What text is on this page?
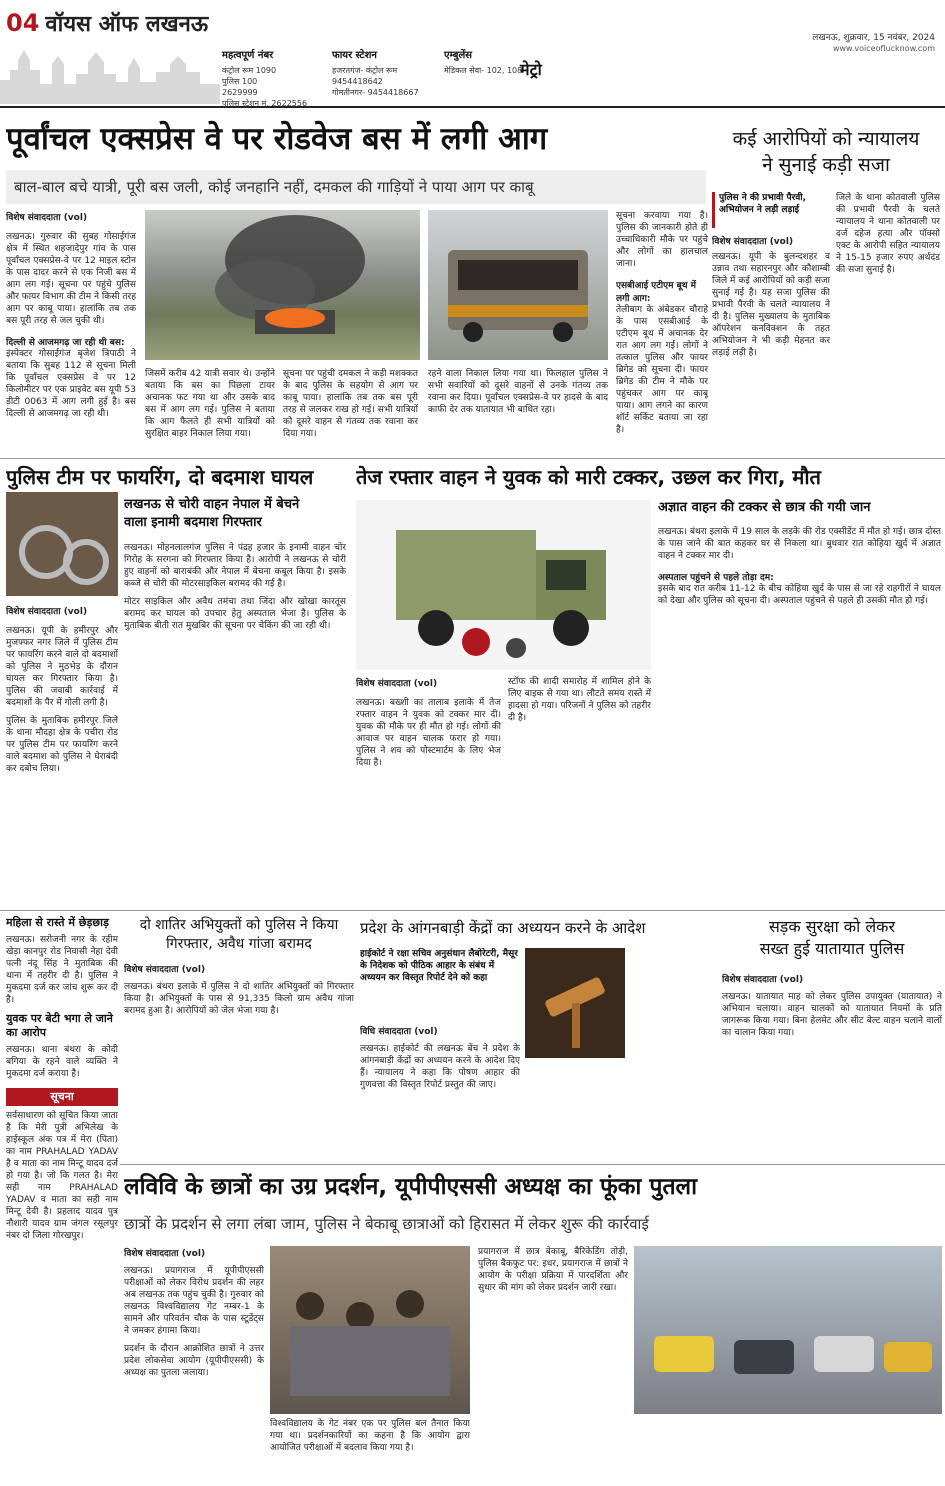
04 वॉयस ऑफ लखनऊ
महत्वपूर्ण नंबर
कंट्रोल रूम 1090
पुलिस 100
2629999
पुलिस स्टेशन मं. 2622556
फायर स्टेशन
हजरतगंज- कंट्रोल रूम
9454418642
गोमतीनगर- 9454418667
एम्बुलेंस
मेडिकल सेवा- 102, 108
मेट्रो
लखनऊ, शुक्रवार, 15 नवंबर, 2024
www.voiceoflucknow.com
पूर्वांचल एक्सप्रेस वे पर रोडवेज बस में लगी आग
बाल-बाल बचे यात्री, पूरी बस जली, कोई जनहानि नहीं, दमकल की गाड़ियों ने पाया आग पर काबू
विशेष संवाददाता (vol)
लखनऊ। गुरुवार की सुबह गोसाईगंज क्षेत्र में स्थित शहजादेपुर गांव के पास पूर्वांचल एक्सप्रेस-वे पर 12 माइल स्टोन के पास दादर करने से एक निजी बस में आग लग गई। सूचना पर पहुंचे पुलिस और फायर विभाग की टीम ने किसी तरह आग पर काबू पाया। हालांकि तब तक बस पूरी तरह से जल चुकी थी।
दिल्ली से आजमगढ़ जा रही थी बस:
इंस्पेक्टर गोसाईगंज बृजेश त्रिपाठी ने बताया कि सुबह 112 से सूचना मिली कि पूर्वांचल एक्सप्रेस वे पर 12 किलोमीटर पर एक प्राइवेट बस यूपी 53 डीटी 0063 में आग लगी हुई है। बस दिल्ली से आजमगढ़ जा रही थी।
सूचना करवाया गया है। पुलिस की जानकारी होते ही उच्चाधिकारी मौके पर पहुंचे और लोगों का हालचाल जाना।
एसबीआई एटीएम बूथ में लगी आग:
तेलीबाग के अंबेडकर चौराहे के पास एसबीआई के एटीएम बूथ में अचानक देर रात आग लग गई। लोगों ने तत्काल पुलिस और फायर ब्रिगेड को सूचना दी। फायर ब्रिगेड की टीम ने मौके पर पहुंचकर आग पर काबू पाया। आग लगने का कारण शॉर्ट सर्किट बताया जा रहा है।
जिसमें करीब 42 यात्री सवार थे। उन्होंने बताया कि बस का पिछला टायर अचानक फट गया था और उसके बाद बस में आग लग गई। पुलिस ने बताया कि आग फैलते ही सभी यात्रियों को सुरक्षित बाहर निकाल लिया गया।
सूचना पर पहुंची दमकल ने कड़ी मशक्कत के बाद पुलिस के सहयोग से आग पर काबू पाया। हालांकि तब तक बस पूरी तरह से जलकर राख हो गई। सभी यात्रियों को दूसरे वाहन से गंतव्य तक रवाना कर दिया गया।
रहने वाला निकाल लिया गया था। फिलहाल पुलिस ने सभी सवारियों को दूसरे वाहनों से उनके गंतव्य तक रवाना कर दिया। पूर्वांचल एक्सप्रेस-वे पर हादसे के बाद काफी देर तक यातायात भी बाधित रहा।
कई आरोपियों को न्यायालय
ने सुनाई कड़ी सजा
पुलिस ने की प्रभावी पैरवी, अभियोजन ने लड़ी लड़ाई
विशेष संवाददाता (vol)
लखनऊ। यूपी के बुलन्दशहर व उन्नाव तथा सहारनपुर और कौशाम्बी जिले में कई आरोपियों को कड़ी सजा सुनाई गई है। यह सजा पुलिस की प्रभावी पैरवी के चलते न्यायालय ने दी है। पुलिस मुख्यालय के मुताबिक ऑपरेशन कनविक्शन के तहत अभियोजन ने भी कड़ी मेहनत कर लड़ाई लड़ी है।
जिले के थाना कोतवाली पुलिस की प्रभावी पैरवी के चलते न्यायालय ने थाना कोतवाली पर दर्ज दहेज हत्या और पॉक्सो एक्ट के आरोपी सहित न्यायालय ने 15-15 हजार रुपए अर्थदंड की सजा सुनाई है।
पुलिस टीम पर फायरिंग, दो बदमाश घायल
विशेष संवाददाता (vol)
लखनऊ। यूपी के हमीरपुर और मुजफ्फर नगर जिले में पुलिस टीम पर फायरिंग करने वाले दो बदमाशों को पुलिस ने मुठभेड़ के दौरान घायल कर गिरफ्तार किया है। पुलिस की जवाबी कार्रवाई में बदमाशों के पैर में गोली लगी है।
पुलिस के मुताबिक हमीरपुर जिले के थाना मौदहा क्षेत्र के पचीरा रोड पर पुलिस टीम पर फायरिंग करने वाले बदमाश को पुलिस ने घेराबंदी कर दबोच लिया।
लखनऊ से चोरी वाहन नेपाल में बेचने
वाला इनामी बदमाश गिरफ्तार
लखनऊ। मोहनलालगंज पुलिस ने पंद्रह हजार के इनामी वाहन चोर गिरोह के सरगना को गिरफ्तार किया है। आरोपी ने लखनऊ से चोरी हुए वाहनों को बाराबंकी और नेपाल में बेचना कबूल किया है। इसके कब्जे से चोरी की मोटरसाइकिल बरामद की गई है।
मोटर साइकिल और अवैध तमंचा तथा जिंदा और खोखा कारतूस बरामद कर घायल को उपचार हेतु अस्पताल भेजा है। पुलिस के मुताबिक बीती रात मुखबिर की सूचना पर चेकिंग की जा रही थी।
तेज रफ्तार वाहन ने युवक को मारी टक्कर, उछल कर गिरा, मौत
विशेष संवाददाता (vol)
लखनऊ। बख्शी का तालाब इलाके में तेज रफ्तार वाहन ने युवक को टक्कर मार दी। युवक की मौके पर ही मौत हो गई। लोगों की आवाज पर वाहन चालक फरार हो गया। पुलिस ने शव को पोस्टमार्टम के लिए भेज दिया है।
स्टॉफ की शादी समारोह में शामिल होने के लिए बाइक से गया था। लौटते समय रास्ते में हादसा हो गया। परिजनों ने पुलिस को तहरीर दी है।
अज्ञात वाहन की टक्कर से छात्र की गयी जान
लखनऊ। बंथरा इलाके में 19 साल के लड़के की रोड एक्सीडेंट में मौत हो गई। छात्र दोस्त के पास जाने की बात कहकर घर से निकला था। बुधवार रात कोहिया खुर्द में अज्ञात वाहन ने टक्कर मार दी।
अस्पताल पहुंचने से पहले तोड़ा दम:
इसके बाद रात करीब 11-12 के बीच कोहिया खुर्द के पास से जा रहे राहगीरों ने घायल को देखा और पुलिस को सूचना दी। अस्पताल पहुंचने से पहले ही उसकी मौत हो गई।
महिला से रास्ते में छेड़छाड़
लखनऊ। सरोजनी नगर के रहीम खेड़ा कानपुर रोड निवासी नेहा देवी पत्नी नंदू सिंह ने मुताबिक की थाना में तहरीर दी है। पुलिस ने मुकदमा दर्ज कर जांच शुरू कर दी है।
युवक पर बेटी भगा ले जाने का आरोप
लखनऊ। थाना बंथरा के कोदी बगिया के रहने वाले व्यक्ति ने मुकदमा दर्ज कराया है।
सूचना
सर्वसाधारण को सूचित किया जाता है कि मेरी पुत्री अभिलेख के हाईस्कूल अंक पत्र में मेरा (पिता) का नाम PRAHALAD YADAV है व माता का नाम मिन्टू यादव दर्ज हो गया है। जो कि गलत है। मेरा सही नाम PRAHALAD YADAV व माता का सही नाम मिन्टू देवी है। प्रहलाद यादव पुत्र नौशारी यादव ग्राम जंगल रसूलपुर नंबर दो जिला गोरखपुर।
दो शातिर अभियुक्तों को पुलिस ने किया
गिरफ्तार, अवैध गांजा बरामद
विशेष संवाददाता (vol)
लखनऊ। बंथरा इलाके में पुलिस ने दो शातिर अभियुक्तों को गिरफ्तार किया है। अभियुक्तों के पास से 91,335 किलो ग्राम अवैध गांजा बरामद हुआ है। आरोपियों को जेल भेजा गया है।
प्रदेश के आंगनबाड़ी केंद्रों का अध्ययन करने के आदेश
हाईकोर्ट ने रक्षा सचिव अनुसंधान लैबोरेटरी, मैसूर के निदेशक को पीठिक आहार के संबंध में अध्ययन कर विस्तृत रिपोर्ट देने को कहा
विधि संवाददाता (vol)
लखनऊ। हाईकोर्ट की लखनऊ बेंच ने प्रदेश के आंगनबाड़ी केंद्रों का अध्ययन करने के आदेश दिए हैं। न्यायालय ने कहा कि पोषण आहार की गुणवत्ता की विस्तृत रिपोर्ट प्रस्तुत की जाए।
सड़क सुरक्षा को लेकर
सख्त हुई यातायात पुलिस
विशेष संवाददाता (vol)
लखनऊ। यातायात माह को लेकर पुलिस उपायुक्त (यातायात) ने अभियान चलाया। वाहन चालकों को यातायात नियमों के प्रति जागरूक किया गया। बिना हेलमेट और सीट बेल्ट वाहन चलाने वालों का चालान किया गया।
लविवि के छात्रों का उग्र प्रदर्शन, यूपीपीएससी अध्यक्ष का फूंका पुतला
छात्रों के प्रदर्शन से लगा लंबा जाम, पुलिस ने बेकाबू छात्राओं को हिरासत में लेकर शुरू की कार्रवाई
विशेष संवाददाता (vol)
लखनऊ। प्रयागराज में यूपीपीएससी परीक्षाओं को लेकर विरोध प्रदर्शन की लहर अब लखनऊ तक पहुंच चुकी है। गुरुवार को लखनऊ विश्वविद्यालय गेट नम्बर-1 के सामने और परिवर्तन चौक के पास स्टूडेंट्स ने जमकर हंगामा किया।
प्रदर्शन के दौरान आक्रोशित छात्रों ने उत्तर प्रदेश लोकसेवा आयोग (यूपीपीएससी) के अध्यक्ष का पुतला जलाया।
विश्वविद्यालय के गेट नंबर एक पर पुलिस बल तैनात किया गया था। प्रदर्शनकारियों का कहना है कि आयोग द्वारा आयोजित परीक्षाओं में बदलाव किया गया है।
प्रयागराज में छात्र बेकाबू, बैरिकेडिंग तोड़ी, पुलिस बैकफुट पर: इधर, प्रयागराज में छात्रों ने आयोग के परीक्षा प्रक्रिया में पारदर्शिता और सुधार की मांग को लेकर प्रदर्शन जारी रखा।
